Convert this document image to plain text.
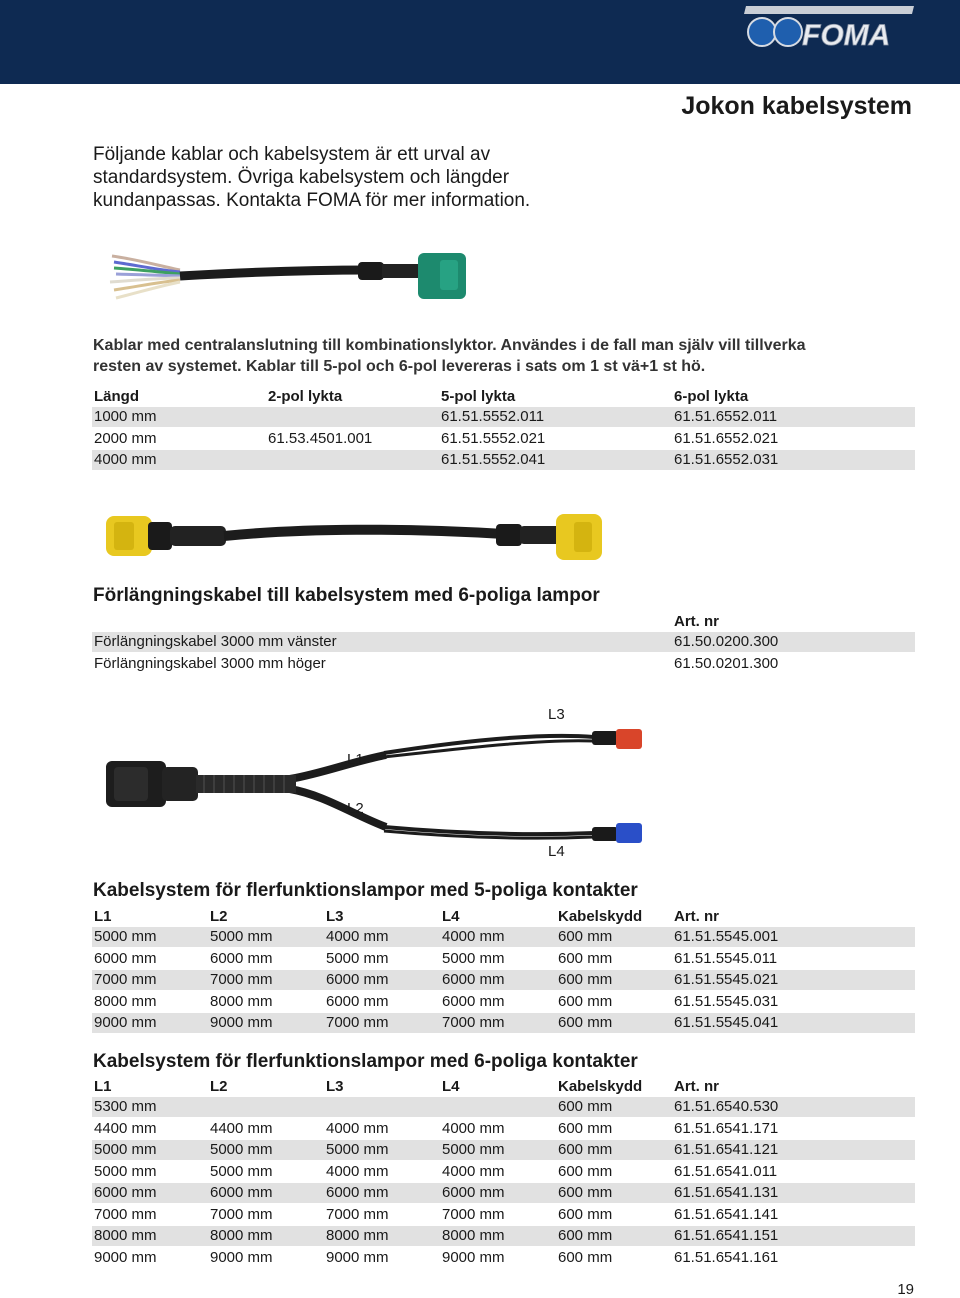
FOMA
Jokon kabelsystem

Följande kablar och kabelsystem är ett urval av standardsystem. Övriga kabelsystem och längder kundanpassas. Kontakta FOMA för mer information.

Kablar med centralanslutning till kombinationslyktor. Användes i de fall man själv vill tillverka resten av systemet. Kablar till 5-pol och 6-pol levereras i sats om 1 st vä+1 st hö.

Längd	2-pol lykta	5-pol lykta	6-pol lykta
1000 mm		61.51.5552.011	61.51.6552.011
2000 mm	61.53.4501.001	61.51.5552.021	61.51.6552.021
4000 mm		61.51.5552.041	61.51.6552.031
Förlängningskabel till kabelsystem med 6-poliga lampor
	Art. nr
Förlängningskabel 3000 mm vänster	61.50.0200.300
Förlängningskabel 3000 mm höger	61.50.0201.300
L3
L1
L2
L4
Kabelsystem för flerfunktionslampor med 5-poliga kontakter
L1	L2	L3	L4	Kabelskydd	Art. nr
5000 mm	5000 mm	4000 mm	4000 mm	600 mm	61.51.5545.001
6000 mm	6000 mm	5000 mm	5000 mm	600 mm	61.51.5545.011
7000 mm	7000 mm	6000 mm	6000 mm	600 mm	61.51.5545.021
8000 mm	8000 mm	6000 mm	6000 mm	600 mm	61.51.5545.031
9000 mm	9000 mm	7000 mm	7000 mm	600 mm	61.51.5545.041
Kabelsystem för flerfunktionslampor med 6-poliga kontakter
L1	L2	L3	L4	Kabelskydd	Art. nr
5300 mm				600 mm	61.51.6540.530
4400 mm	4400 mm	4000 mm	4000 mm	600 mm	61.51.6541.171
5000 mm	5000 mm	5000 mm	5000 mm	600 mm	61.51.6541.121
5000 mm	5000 mm	4000 mm	4000 mm	600 mm	61.51.6541.011
6000 mm	6000 mm	6000 mm	6000 mm	600 mm	61.51.6541.131
7000 mm	7000 mm	7000 mm	7000 mm	600 mm	61.51.6541.141
8000 mm	8000 mm	8000 mm	8000 mm	600 mm	61.51.6541.151
9000 mm	9000 mm	9000 mm	9000 mm	600 mm	61.51.6541.161
19
